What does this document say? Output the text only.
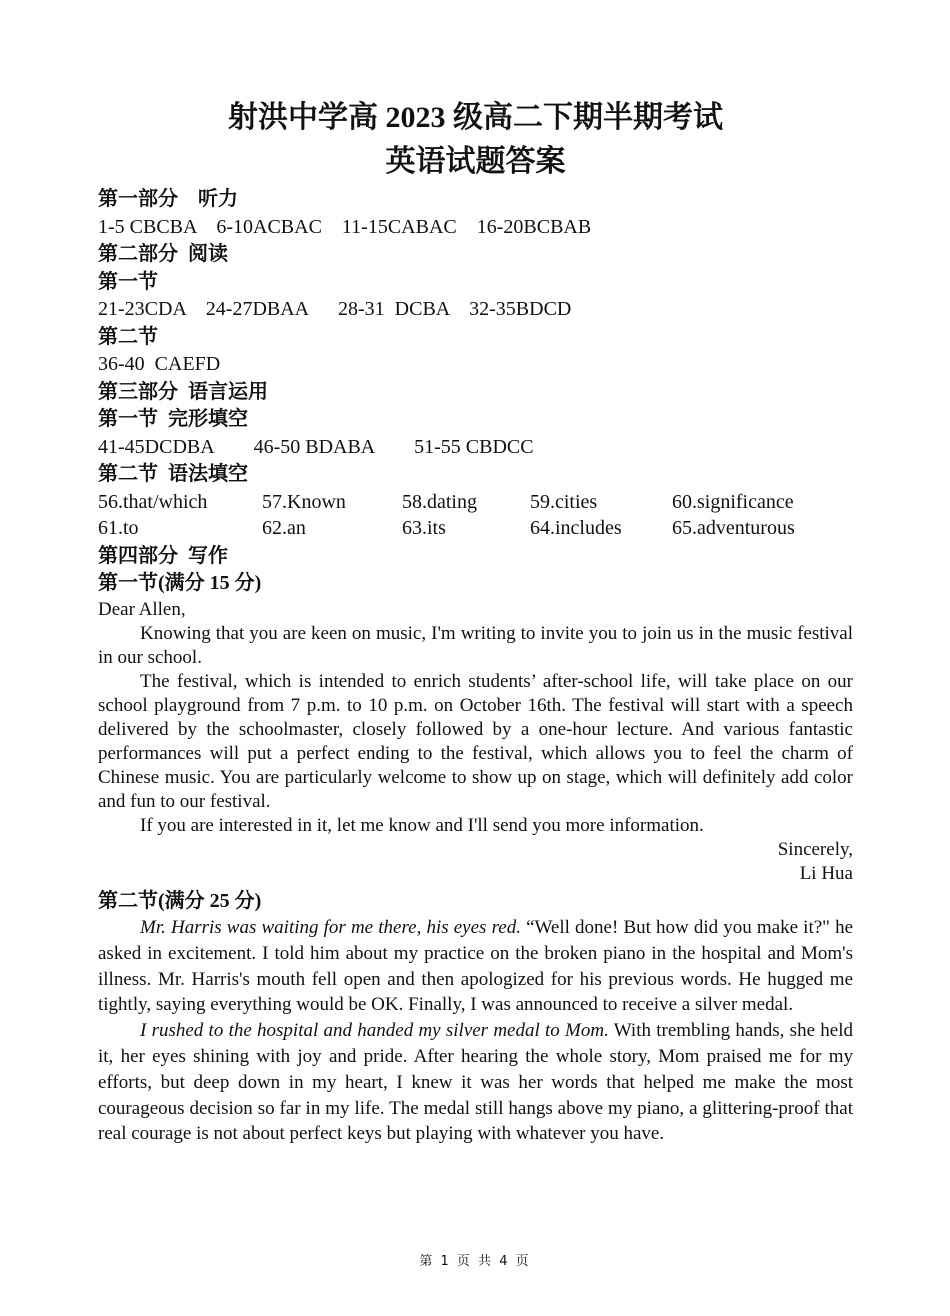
射洪中学高 2023 级高二下期半期考试
英语试题答案

第一部分    听力

1-5 CBCBA    6-10ACBAC    11-15CABAC    16-20BCBAB

第二部分  阅读

第一节

21-23CDA    24-27DBAA      28-31  DCBA    32-35BDCD

第二节

36-40  CAEFD

第三部分  语言运用

第一节  完形填空

41-45DCDBA        46-50 BDABA        51-55 CBDCC

第二节  语法填空

56.that/which	57.Known	58.dating	59.cities	60.significance
61.to	62.an	63.its	64.includes	65.adventurous

第四部分  写作

第一节(满分 15 分)

Dear Allen,

Knowing that you are keen on music, I'm writing to invite you to join us in the music festival in our school.

The festival, which is intended to enrich students’ after-school life, will take place on our school playground from 7 p.m. to 10 p.m. on October 16th. The festival will start with a speech delivered by the schoolmaster, closely followed by a one-hour lecture. And various fantastic performances will put a perfect ending to the festival, which allows you to feel the charm of Chinese music. You are particularly welcome to show up on stage, which will definitely add color and fun to our festival.

If you are interested in it, let me know and I'll send you more information.

Sincerely,

Li Hua

第二节(满分 25 分)

Mr. Harris was waiting for me there, his eyes red. “Well done! But how did you make it?" he asked in excitement. I told him about my practice on the broken piano in the hospital and Mom's illness. Mr. Harris's mouth fell open and then apologized for his previous words. He hugged me tightly, saying everything would be OK. Finally, I was announced to receive a silver medal.

I rushed to the hospital and handed my silver medal to Mom. With trembling hands, she held it, her eyes shining with joy and pride. After hearing the whole story, Mom praised me for my efforts, but deep down in my heart, I knew it was her words that helped me make the most courageous decision so far in my life. The medal still hangs above my piano, a glittering-proof that real courage is not about perfect keys but playing with whatever you have.

第 1 页 共 4 页
